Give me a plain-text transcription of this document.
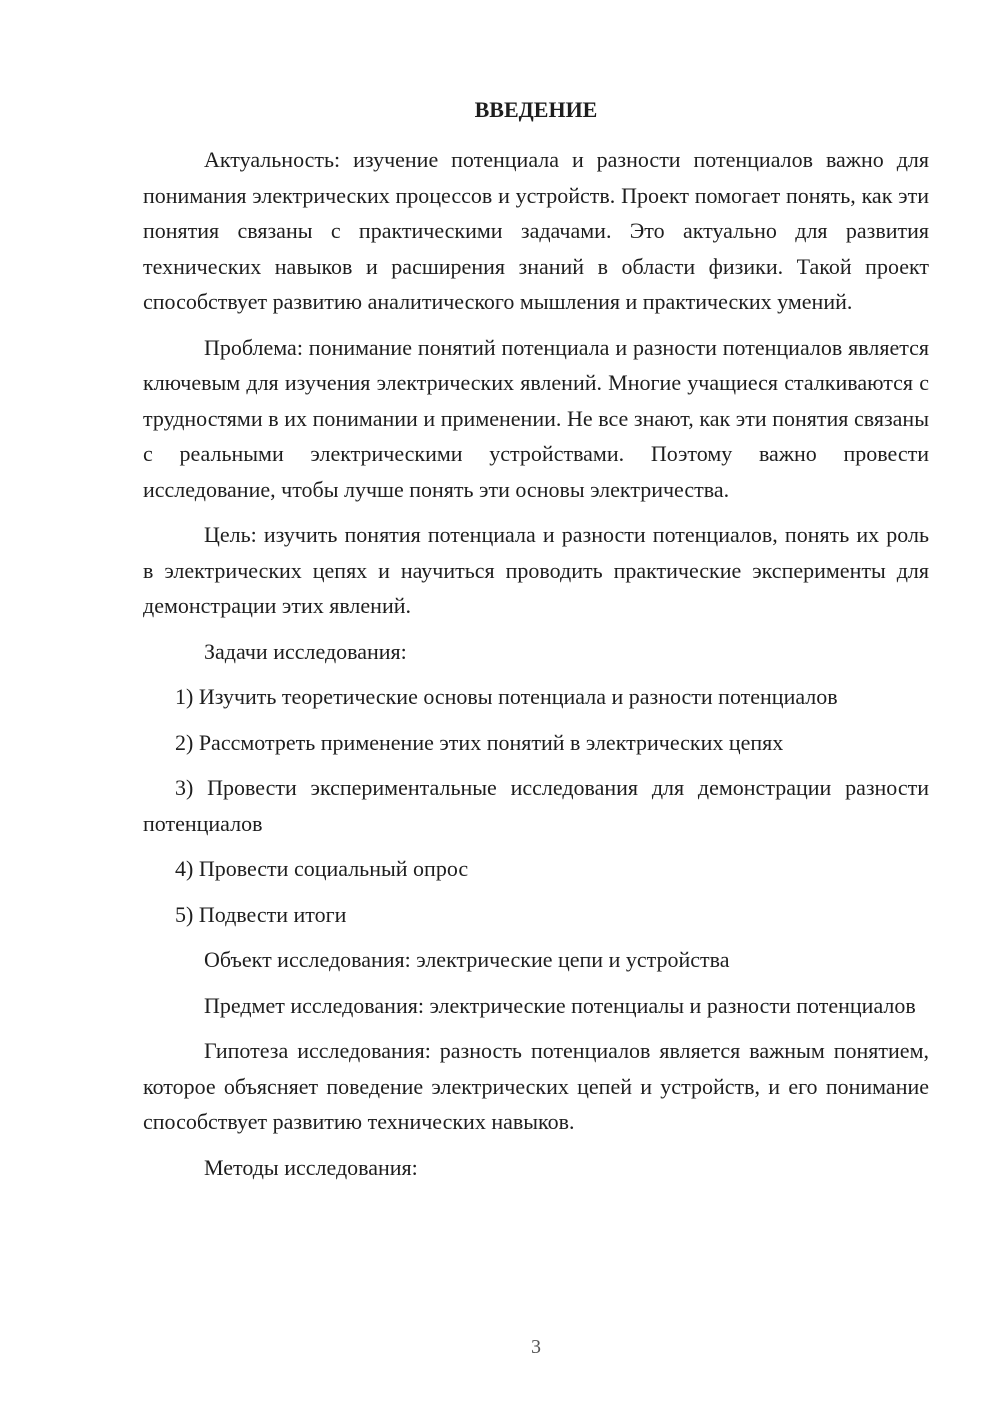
ВВЕДЕНИЕ

Актуальность: изучение потенциала и разности потенциалов важно для понимания электрических процессов и устройств. Проект помогает понять, как эти понятия связаны с практическими задачами. Это актуально для развития технических навыков и расширения знаний в области физики. Такой проект способствует развитию аналитического мышления и практических умений.

Проблема: понимание понятий потенциала и разности потенциалов является ключевым для изучения электрических явлений. Многие учащиеся сталкиваются с трудностями в их понимании и применении. Не все знают, как эти понятия связаны с реальными электрическими устройствами. Поэтому важно провести исследование, чтобы лучше понять эти основы электричества.

Цель: изучить понятия потенциала и разности потенциалов, понять их роль в электрических цепях и научиться проводить практические эксперименты для демонстрации этих явлений.

Задачи исследования:

1) Изучить теоретические основы потенциала и разности потенциалов

2) Рассмотреть применение этих понятий в электрических цепях

3) Провести экспериментальные исследования для демонстрации разности потенциалов

4) Провести социальный опрос

5) Подвести итоги

Объект исследования: электрические цепи и устройства

Предмет исследования: электрические потенциалы и разности потенциалов

Гипотеза исследования: разность потенциалов является важным понятием, которое объясняет поведение электрических цепей и устройств, и его понимание способствует развитию технических навыков.

Методы исследования:

3
